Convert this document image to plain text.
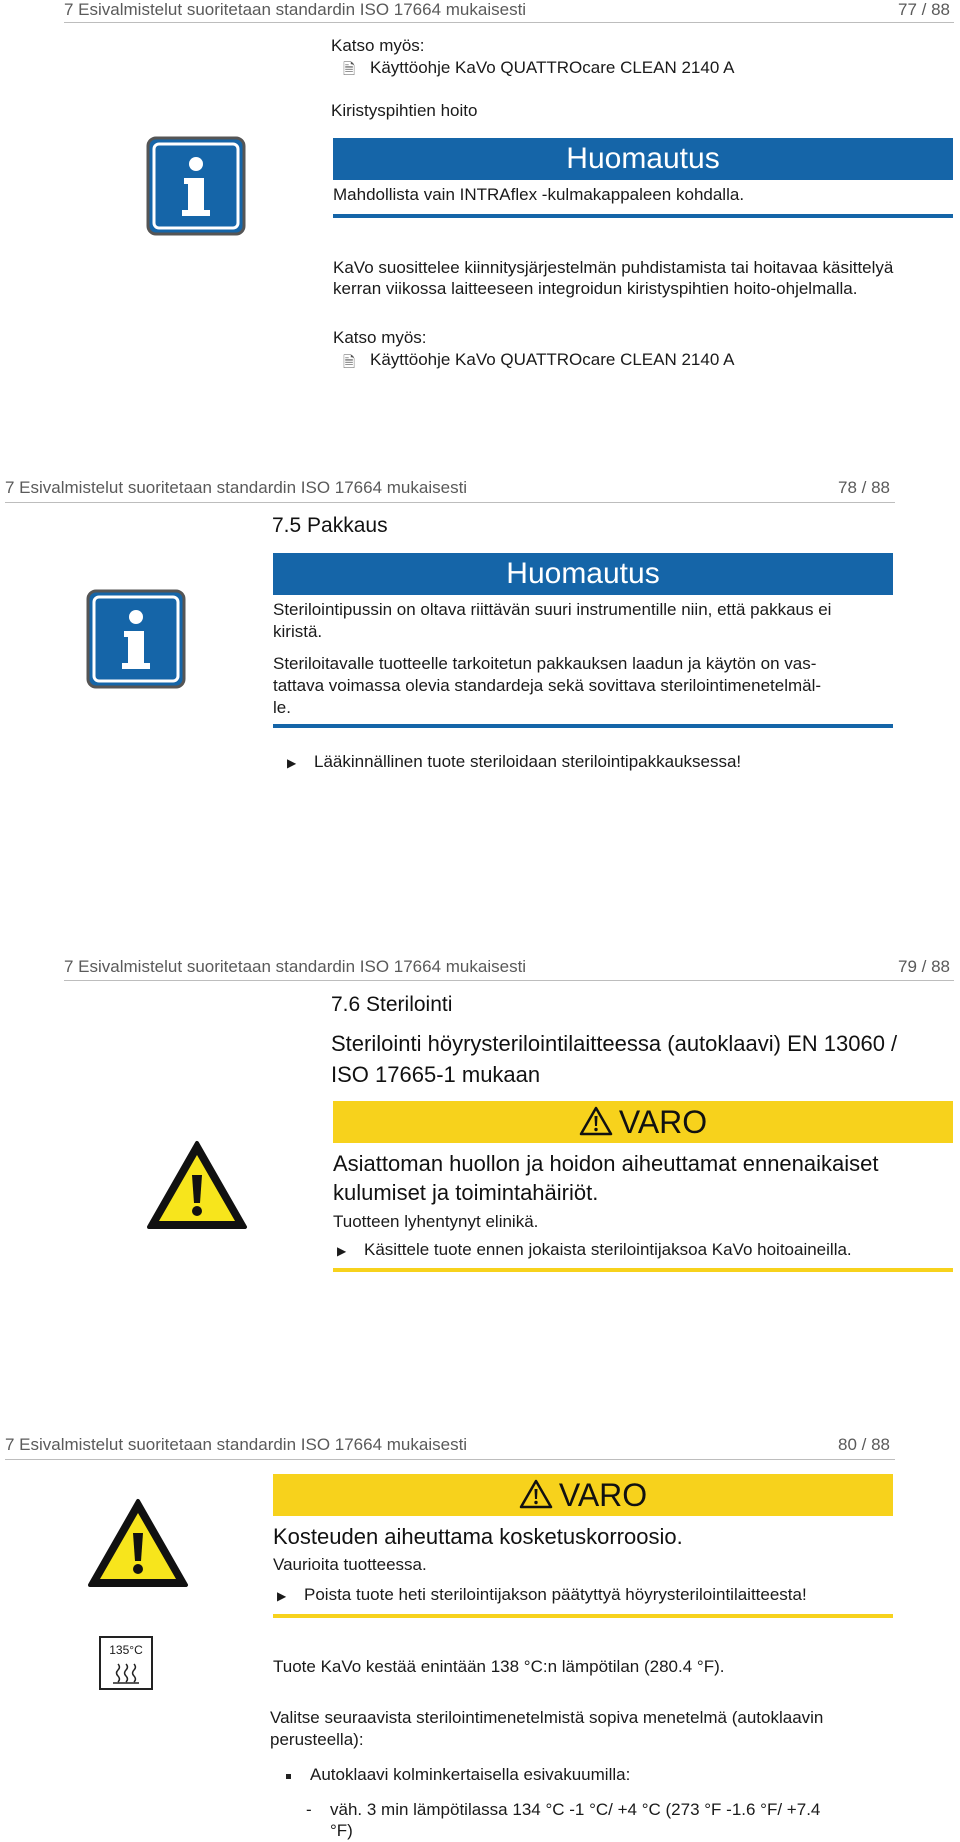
7 Esivalmistelut suoritetaan standardin ISO 17664 mukaisesti	77 / 88
Katso myös:
🗎 Käyttöohje KaVo QUATTROcare CLEAN 2140 A
Kiristyspihtien hoito
Huomautus
Mahdollista vain INTRAflex -kulmakappaleen kohdalla.
KaVo suosittelee kiinnitysjärjestelmän puhdistamista tai hoitavaa käsittelyä
kerran viikossa laitteeseen integroidun kiristyspihtien hoito-ohjelmalla.
Katso myös:
🗎 Käyttöohje KaVo QUATTROcare CLEAN 2140 A
7 Esivalmistelut suoritetaan standardin ISO 17664 mukaisesti	78 / 88
7.5 Pakkaus
Huomautus
Sterilointipussin on oltava riittävän suuri instrumentille niin, että pakkaus ei
kiristä.
Steriloitavalle tuotteelle tarkoitetun pakkauksen laadun ja käytön on vas-
tattava voimassa olevia standardeja sekä sovittava sterilointimenetelmäl-
le.
▶ Lääkinnällinen tuote steriloidaan sterilointipakkauksessa!
7 Esivalmistelut suoritetaan standardin ISO 17664 mukaisesti	79 / 88
7.6 Sterilointi
Sterilointi höyrysterilointilaitteessa (autoklaavi) EN 13060 /
ISO 17665-1 mukaan
VARO
Asiattoman huollon ja hoidon aiheuttamat ennenaikaiset
kulumiset ja toimintahäiriöt.
Tuotteen lyhentynyt elinikä.
▶ Käsittele tuote ennen jokaista sterilointijaksoa KaVo hoitoaineilla.
7 Esivalmistelut suoritetaan standardin ISO 17664 mukaisesti	80 / 88
VARO
Kosteuden aiheuttama kosketuskorroosio.
Vaurioita tuotteessa.
▶ Poista tuote heti sterilointijakson päätyttyä höyrysterilointilaitteesta!
135°C
Tuote KaVo kestää enintään 138 °C:n lämpötilan (280.4 °F).
Valitse seuraavista sterilointimenetelmistä sopiva menetelmä (autoklaavin
perusteella):
Autoklaavi kolminkertaisella esivakuumilla:
- väh. 3 min lämpötilassa 134 °C -1 °C/ +4 °C (273 °F -1.6 °F/ +7.4
°F)
